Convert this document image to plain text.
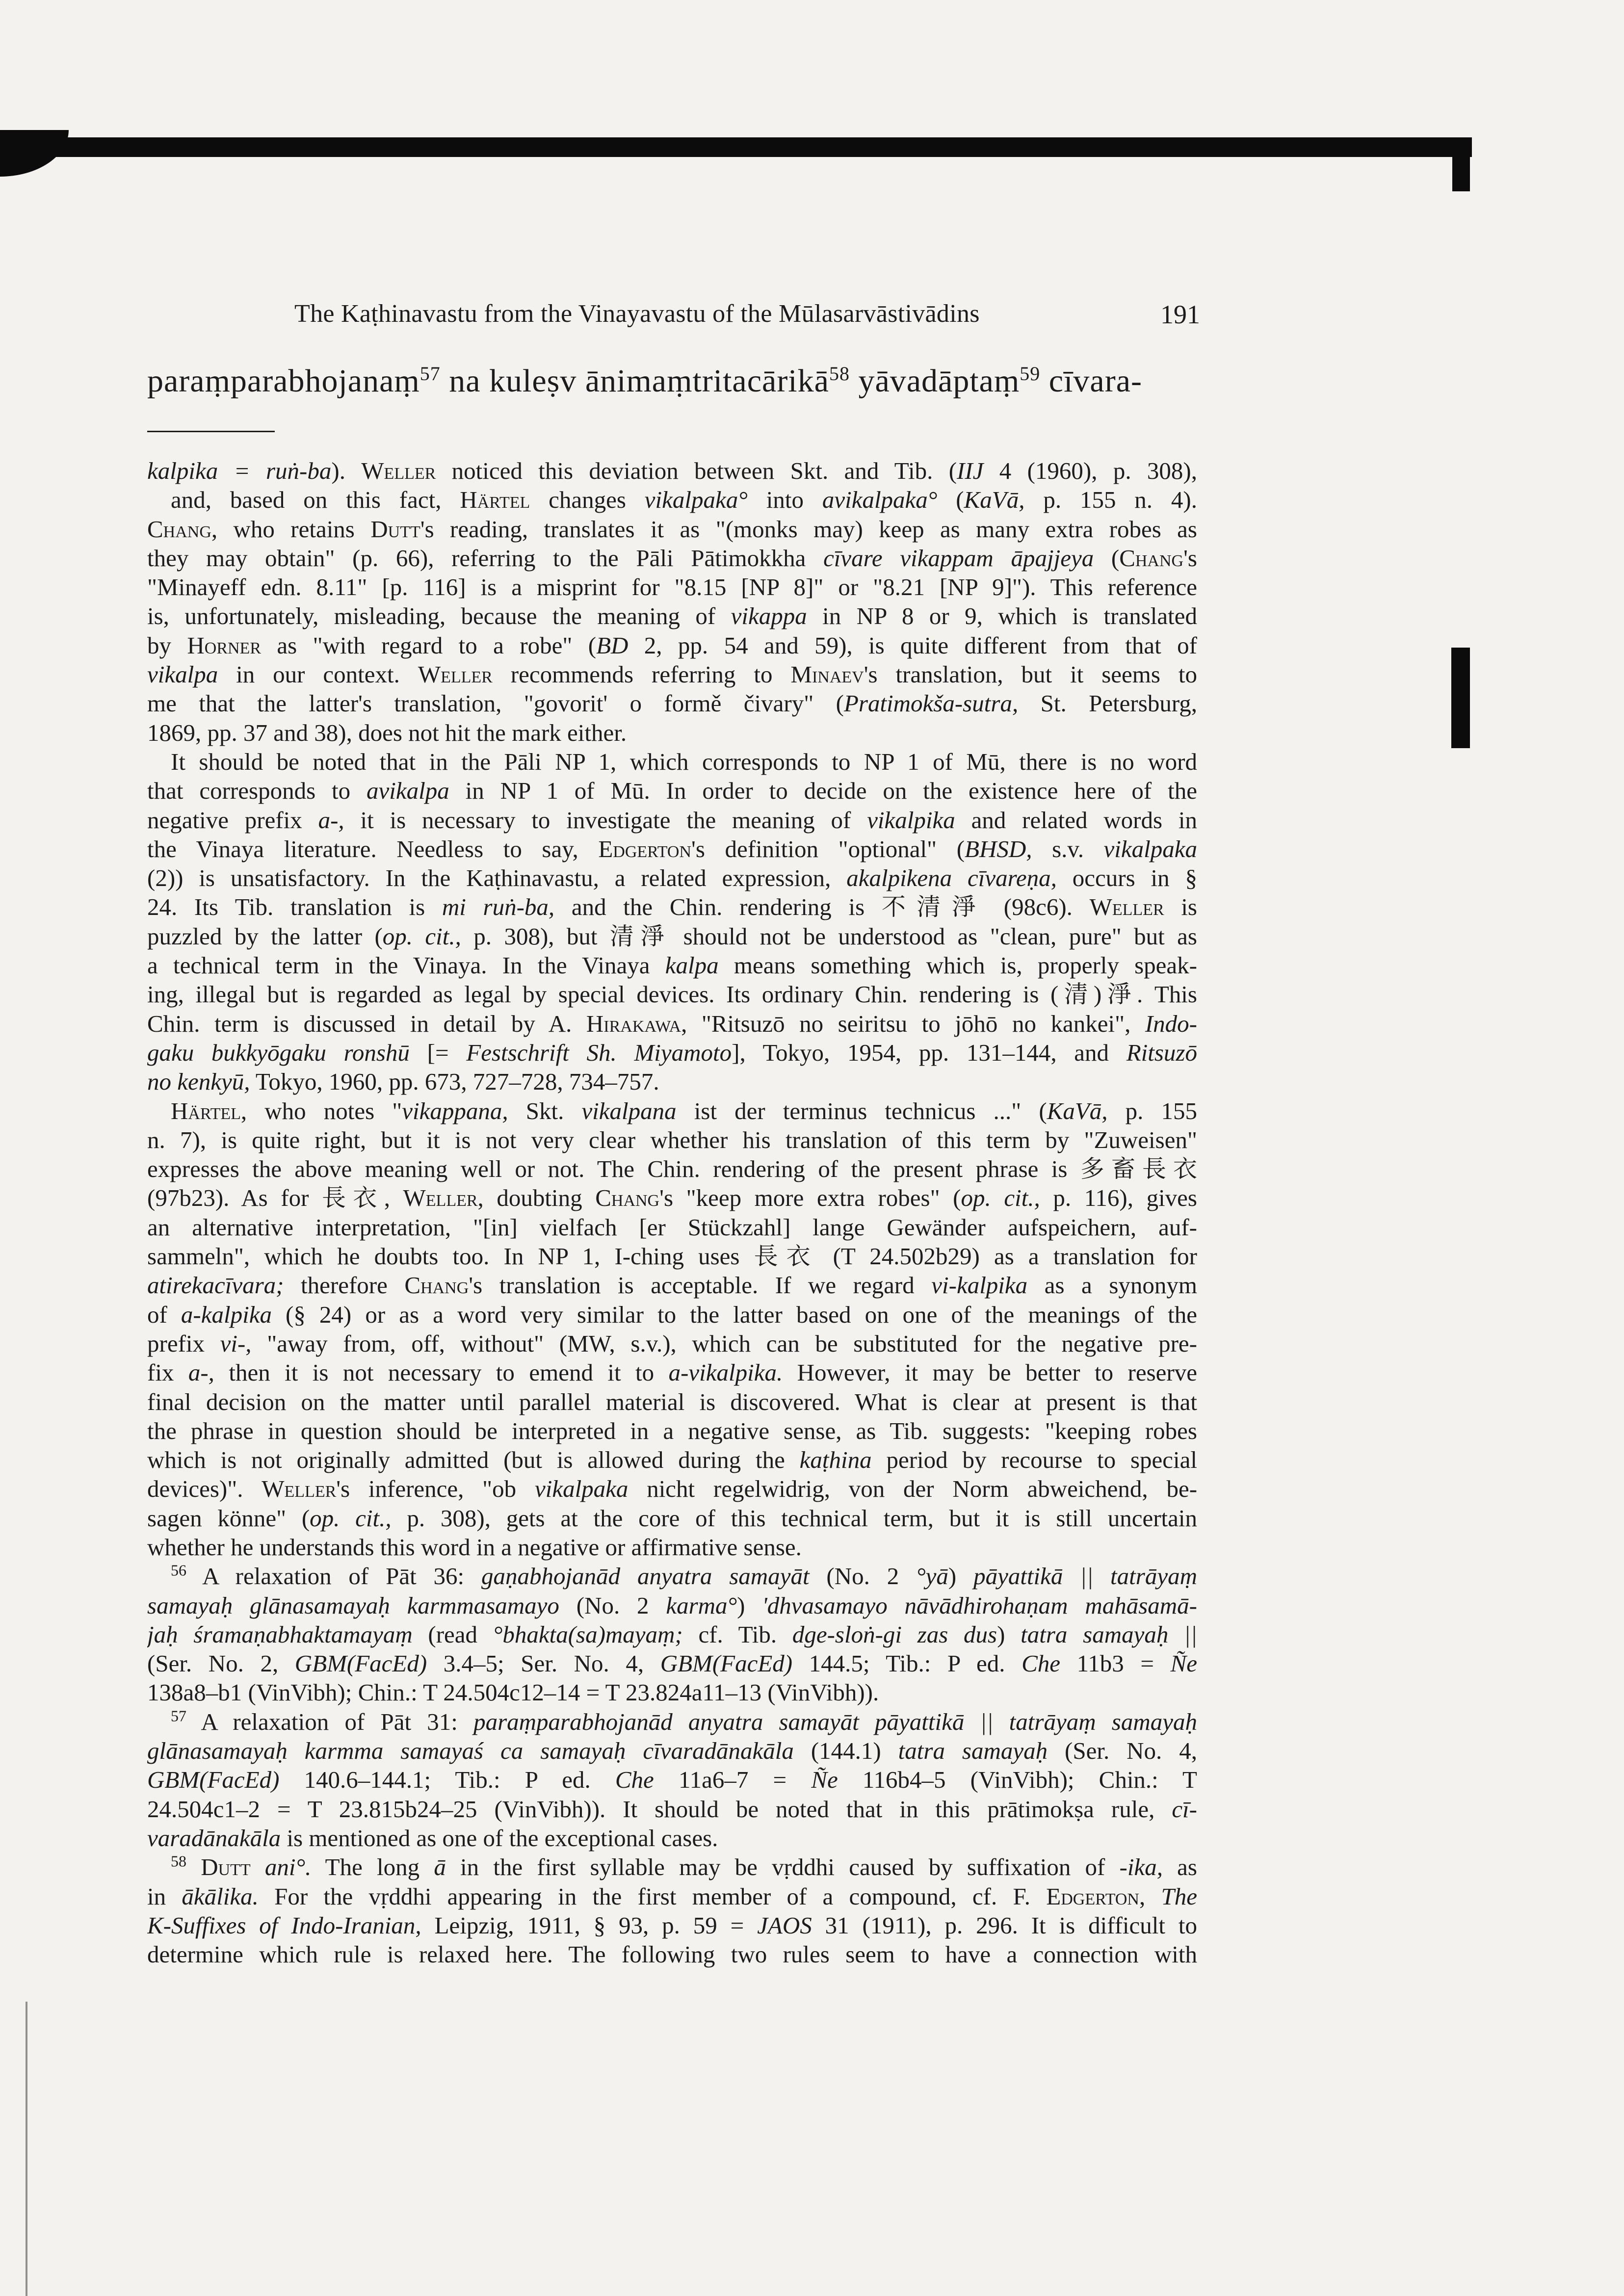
The Kaṭhinavastu from the Vinayavastu of the Mūlasarvāstivādins	191
paraṃparabhojanaṃ$^{57}$ na kuleṣv ānimaṃtritacārikā$^{58}$ yāvadāptaṃ$^{59}$ cīvara-
kalpika = ruṅ-ba). Weller noticed this deviation between Skt. and Tib. (IIJ 4 (1960), p. 308),
and, based on this fact, Härtel changes vikalpaka° into avikalpaka° (KaVā, p. 155 n. 4).
Chang, who retains Dutt's reading, translates it as "(monks may) keep as many extra robes as
they may obtain" (p. 66), referring to the Pāli Pātimokkha cīvare vikappam āpajjeya (Chang's
"Minayeff edn. 8.11" [p. 116] is a misprint for "8.15 [NP 8]" or "8.21 [NP 9]"). This reference
is, unfortunately, misleading, because the meaning of vikappa in NP 8 or 9, which is translated
by Horner as "with regard to a robe" (BD 2, pp. 54 and 59), is quite different from that of
vikalpa in our context. Weller recommends referring to Minaev's translation, but it seems to
me that the latter's translation, "govorit' o formě čivary" (Pratimokša-sutra, St. Petersburg,
1869, pp. 37 and 38), does not hit the mark either.
It should be noted that in the Pāli NP 1, which corresponds to NP 1 of Mū, there is no word
that corresponds to avikalpa in NP 1 of Mū. In order to decide on the existence here of the
negative prefix a-, it is necessary to investigate the meaning of vikalpika and related words in
the Vinaya literature. Needless to say, Edgerton's definition "optional" (BHSD, s.v. vikalpaka
(2)) is unsatisfactory. In the Kaṭhinavastu, a related expression, akalpikena cīvareṇa, occurs in §
24. Its Tib. translation is mi ruṅ-ba, and the Chin. rendering is 不清淨 (98c6). Weller is
puzzled by the latter (op. cit., p. 308), but 清淨 should not be understood as "clean, pure" but as
a technical term in the Vinaya. In the Vinaya kalpa means something which is, properly speak-
ing, illegal but is regarded as legal by special devices. Its ordinary Chin. rendering is (清)淨. This
Chin. term is discussed in detail by A. Hirakawa, "Ritsuzō no seiritsu to jōhō no kankei", Indo-
gaku bukkyōgaku ronshū [= Festschrift Sh. Miyamoto], Tokyo, 1954, pp. 131–144, and Ritsuzō
no kenkyū, Tokyo, 1960, pp. 673, 727–728, 734–757.
Härtel, who notes "vikappana, Skt. vikalpana ist der terminus technicus ..." (KaVā, p. 155
n. 7), is quite right, but it is not very clear whether his translation of this term by "Zuweisen"
expresses the above meaning well or not. The Chin. rendering of the present phrase is 多畜長衣
(97b23). As for 長衣, Weller, doubting Chang's "keep more extra robes" (op. cit., p. 116), gives
an alternative interpretation, "[in] vielfach [er Stückzahl] lange Gewänder aufspeichern, auf-
sammeln", which he doubts too. In NP 1, I-ching uses 長衣 (T 24.502b29) as a translation for
atirekacīvara; therefore Chang's translation is acceptable. If we regard vi-kalpika as a synonym
of a-kalpika (§ 24) or as a word very similar to the latter based on one of the meanings of the
prefix vi-, "away from, off, without" (MW, s.v.), which can be substituted for the negative pre-
fix a-, then it is not necessary to emend it to a-vikalpika. However, it may be better to reserve
final decision on the matter until parallel material is discovered. What is clear at present is that
the phrase in question should be interpreted in a negative sense, as Tib. suggests: "keeping robes
which is not originally admitted (but is allowed during the kaṭhina period by recourse to special
devices)". Weller's inference, "ob vikalpaka nicht regelwidrig, von der Norm abweichend, be-
sagen könne" (op. cit., p. 308), gets at the core of this technical term, but it is still uncertain
whether he understands this word in a negative or affirmative sense.
$^{56}$ A relaxation of Pāt 36: gaṇabhojanād anyatra samayāt (No. 2 °yā) pāyattikā || tatrāyaṃ
samayaḥ glānasamayaḥ karmmasamayo (No. 2 karma°) 'dhvasamayo nāvādhirohaṇam mahāsamā-
jaḥ śramaṇabhaktamayaṃ (read °bhakta(sa)mayaṃ; cf. Tib. dge-sloṅ-gi zas dus) tatra samayaḥ ||
(Ser. No. 2, GBM(FacEd) 3.4–5; Ser. No. 4, GBM(FacEd) 144.5; Tib.: P ed. Che 11b3 = Ñe
138a8–b1 (VinVibh); Chin.: T 24.504c12–14 = T 23.824a11–13 (VinVibh)).
$^{57}$ A relaxation of Pāt 31: paraṃparabhojanād anyatra samayāt pāyattikā || tatrāyaṃ samayaḥ
glānasamayaḥ karmma samayaś ca samayaḥ cīvaradānakāla (144.1) tatra samayaḥ (Ser. No. 4,
GBM(FacEd) 140.6–144.1; Tib.: P ed. Che 11a6–7 = Ñe 116b4–5 (VinVibh); Chin.: T
24.504c1–2 = T 23.815b24–25 (VinVibh)). It should be noted that in this prātimokṣa rule, cī-
varadānakāla is mentioned as one of the exceptional cases.
$^{58}$ Dutt ani°. The long ā in the first syllable may be vṛddhi caused by suffixation of -ika, as
in ākālika. For the vṛddhi appearing in the first member of a compound, cf. F. Edgerton, The
K-Suffixes of Indo-Iranian, Leipzig, 1911, § 93, p. 59 = JAOS 31 (1911), p. 296. It is difficult to
determine which rule is relaxed here. The following two rules seem to have a connection with
